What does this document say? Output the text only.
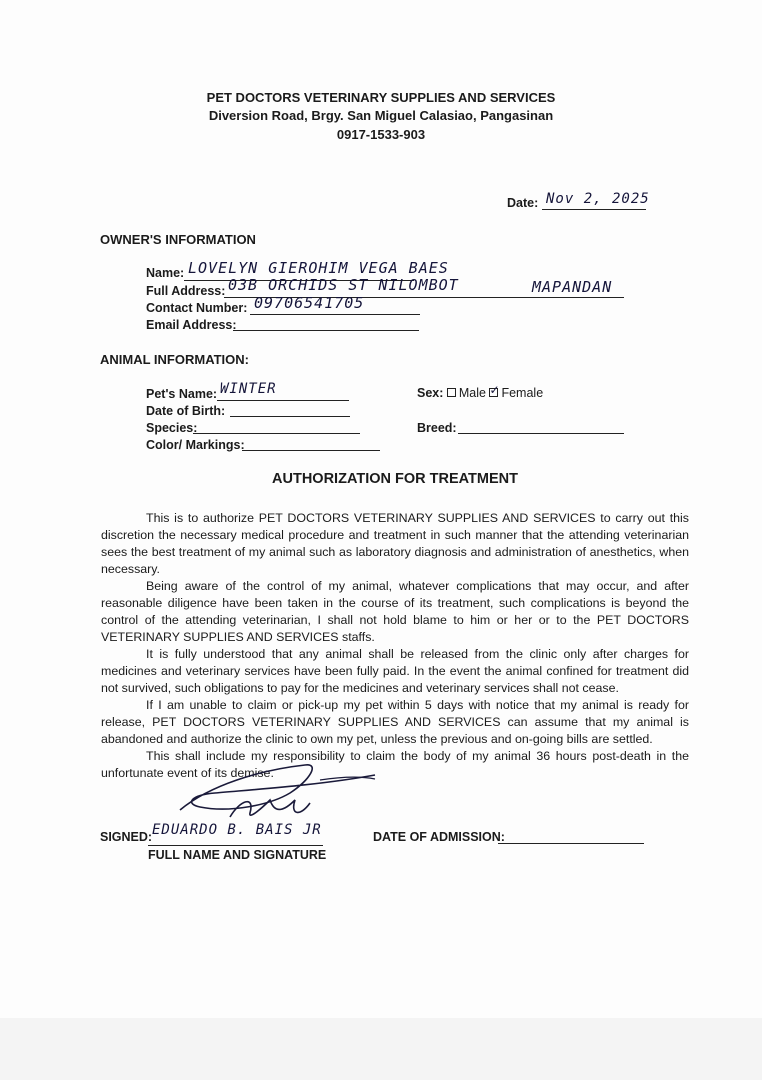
PET DOCTORS VETERINARY SUPPLIES AND SERVICES
Diversion Road, Brgy. San Miguel Calasiao, Pangasinan
0917-1533-903
Date: Nov 2, 2025
OWNER'S INFORMATION
Name: LOVELYN GIEROHIM VEGA BAES
Full Address: 03B ORCHIDS ST NILOMBOT	MAPANDAN
Contact Number: 09706541705
Email Address:
ANIMAL INFORMATION:
Pet's Name: WINTER
Date of Birth:
Species:
Color/ Markings:
Sex: Male ✓ Female
Breed:
AUTHORIZATION FOR TREATMENT

This is to authorize PET DOCTORS VETERINARY SUPPLIES AND SERVICES to carry out this discretion the necessary medical procedure and treatment in such manner that the attending veterinarian sees the best treatment of my animal such as laboratory diagnosis and administration of anesthetics, when necessary.

Being aware of the control of my animal, whatever complications that may occur, and after reasonable diligence have been taken in the course of its treatment, such complications is beyond the control of the attending veterinarian, I shall not hold blame to him or her or to the PET DOCTORS VETERINARY SUPPLIES AND SERVICES staffs.

It is fully understood that any animal shall be released from the clinic only after charges for medicines and veterinary services have been fully paid. In the event the animal confined for treatment did not survived, such obligations to pay for the medicines and veterinary services shall not cease.

If I am unable to claim or pick-up my pet within 5 days with notice that my animal is ready for release, PET DOCTORS VETERINARY SUPPLIES AND SERVICES can assume that my animal is abandoned and authorize the clinic to own my pet, unless the previous and on-going bills are settled.

This shall include my responsibility to claim the body of my animal 36 hours post-death in the unfortunate event of its demise.

SIGNED: EDUARDO B. BAIS JR
FULL NAME AND SIGNATURE
DATE OF ADMISSION:
